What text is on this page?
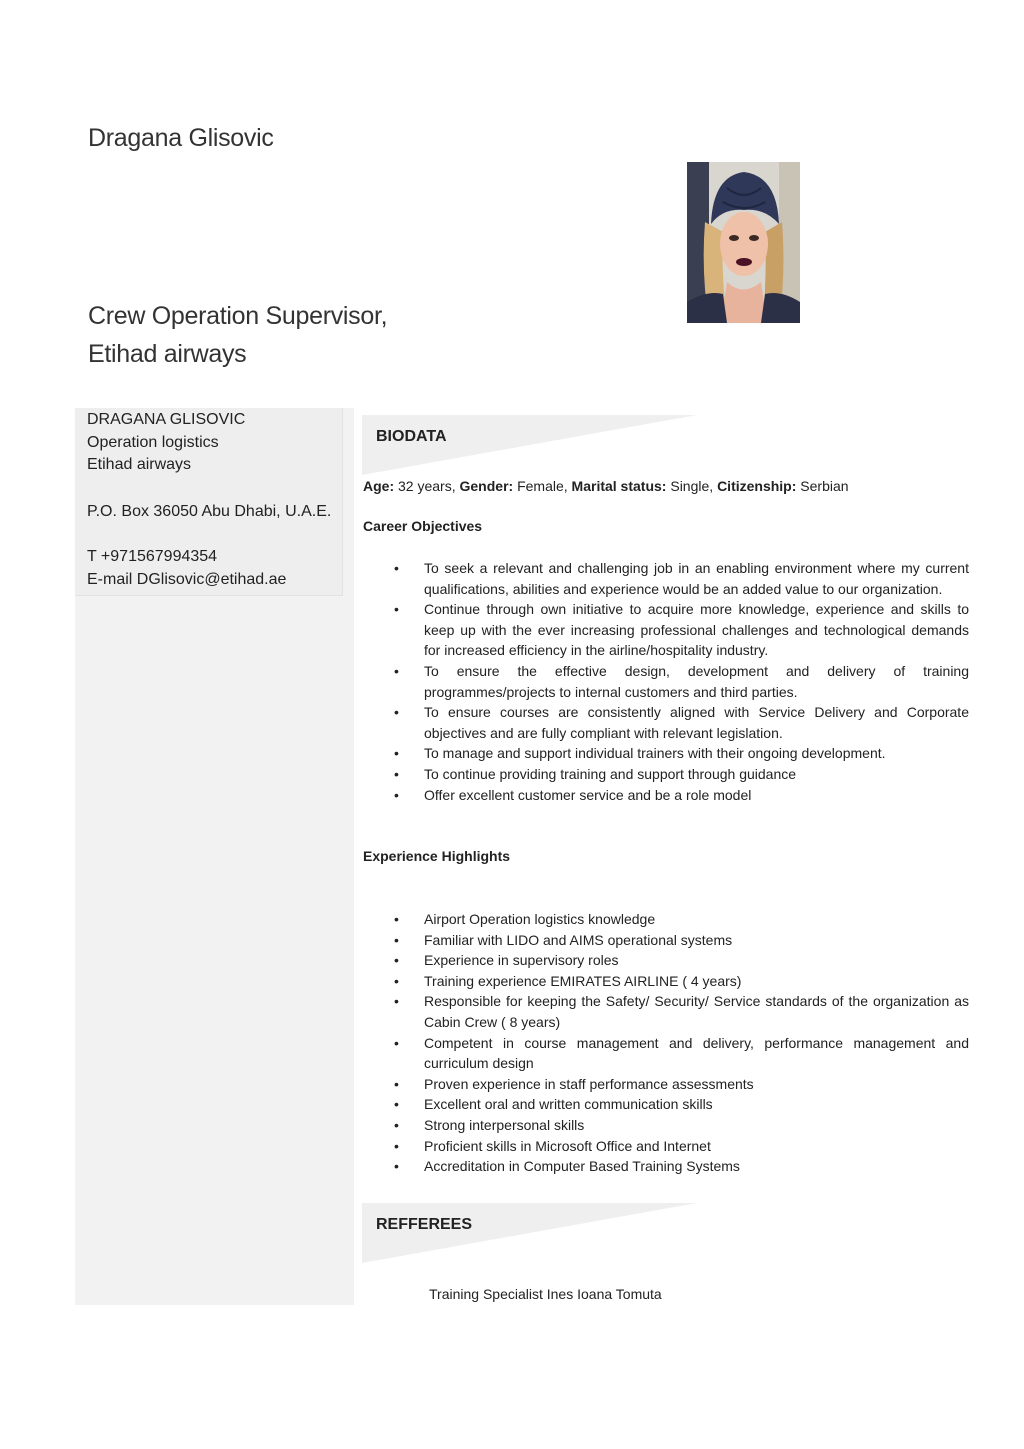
Dragana Glisovic
Crew Operation Supervisor,
Etihad airways
DRAGANA GLISOVIC
Operation logistics
Etihad airways
P.O. Box 36050 Abu Dhabi, U.A.E.
T +971567994354
E-mail DGlisovic@etihad.ae
BIODATA
Age: 32 years, Gender: Female, Marital status: Single, Citizenship: Serbian
Career Objectives
• To seek a relevant and challenging job in an enabling environment where my current qualifications, abilities and experience would be an added value to our organization.
• Continue through own initiative to acquire more knowledge, experience and skills to keep up with the ever increasing professional challenges and technological demands for increased efficiency in the airline/hospitality industry.
• To ensure the effective design, development and delivery of training programmes/projects to internal customers and third parties.
• To ensure courses are consistently aligned with Service Delivery and Corporate objectives and are fully compliant with relevant legislation.
• To manage and support individual trainers with their ongoing development.
• To continue providing training and support through guidance
• Offer excellent customer service and be a role model
Experience Highlights
• Airport Operation logistics knowledge
• Familiar with LIDO and AIMS operational systems
• Experience in supervisory roles
• Training experience EMIRATES AIRLINE ( 4 years)
• Responsible for keeping the Safety/ Security/ Service standards of the organization as Cabin Crew ( 8 years)
• Competent in course management and delivery, performance management and curriculum design
• Proven experience in staff performance assessments
• Excellent oral and written communication skills
• Strong interpersonal skills
• Proficient skills in Microsoft Office and Internet
• Accreditation in Computer Based Training Systems
REFFEREES
Training Specialist Ines Ioana Tomuta
